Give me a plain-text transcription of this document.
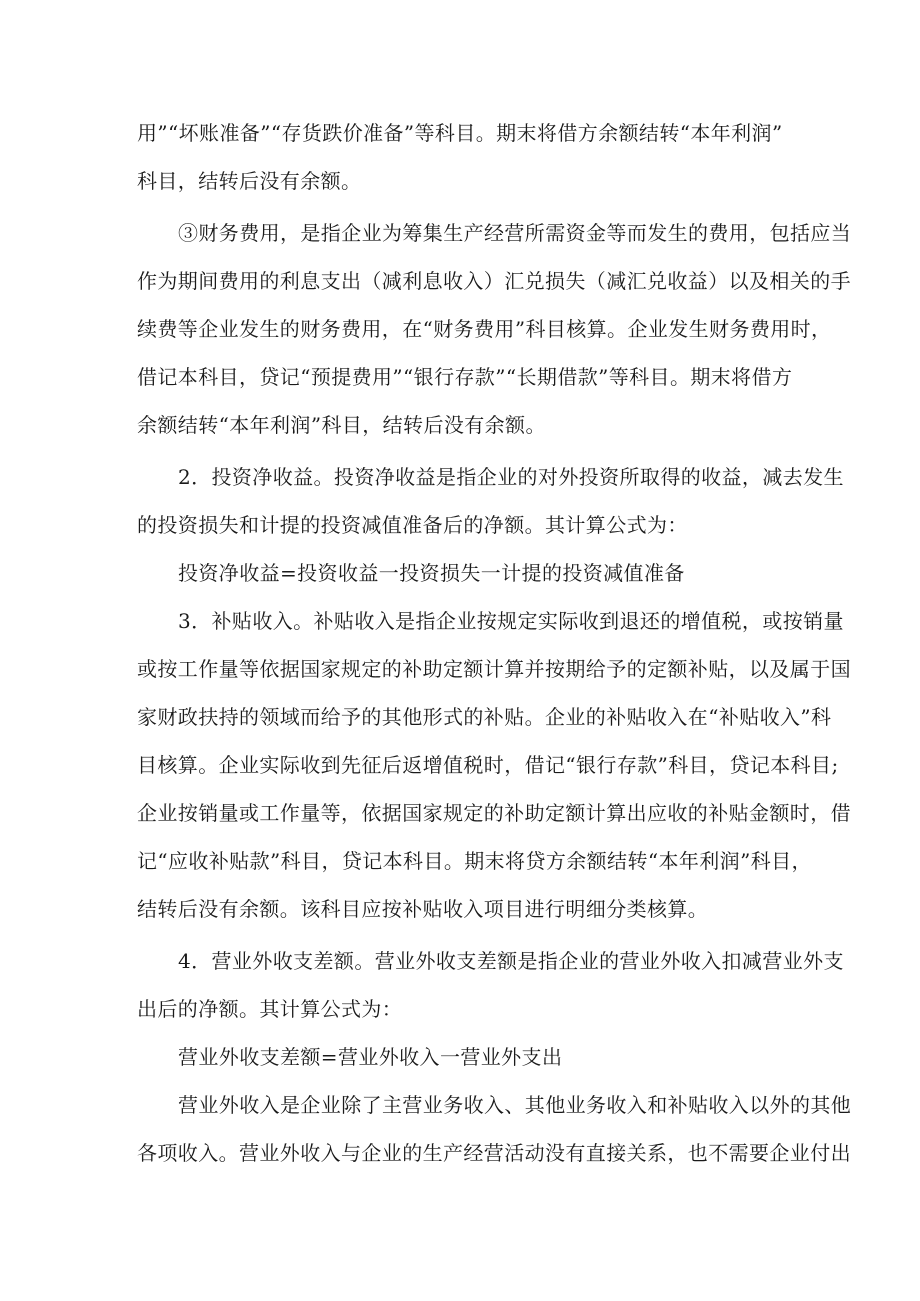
用”“坏账准备”“存货跌价准备”等科目。期末将借方余额结转“本年利润”
科目，结转后没有余额。
③财务费用，是指企业为筹集生产经营所需资金等而发生的费用，包括应当
作为期间费用的利息支出（减利息收入）汇兑损失（减汇兑收益）以及相关的手
续费等企业发生的财务费用，在“财务费用”科目核算。企业发生财务费用时，
借记本科目，贷记“预提费用”“银行存款”“长期借款”等科目。期末将借方
余额结转“本年利润”科目，结转后没有余额。
2．投资净收益。投资净收益是指企业的对外投资所取得的收益，减去发生
的投资损失和计提的投资减值准备后的净额。其计算公式为：
投资净收益=投资收益一投资损失一计提的投资减值准备
3．补贴收入。补贴收入是指企业按规定实际收到退还的增值税，或按销量
或按工作量等依据国家规定的补助定额计算并按期给予的定额补贴，以及属于国
家财政扶持的领域而给予的其他形式的补贴。企业的补贴收入在“补贴收入”科
目核算。企业实际收到先征后返增值税时，借记“银行存款”科目，贷记本科目;
企业按销量或工作量等，依据国家规定的补助定额计算出应收的补贴金额时，借
记“应收补贴款”科目，贷记本科目。期末将贷方余额结转“本年利润”科目，
结转后没有余额。该科目应按补贴收入项目进行明细分类核算。
4．营业外收支差额。营业外收支差额是指企业的营业外收入扣减营业外支
出后的净额。其计算公式为：
营业外收支差额=营业外收入一营业外支出
营业外收入是企业除了主营业务收入、其他业务收入和补贴收入以外的其他
各项收入。营业外收入与企业的生产经营活动没有直接关系，也不需要企业付出
